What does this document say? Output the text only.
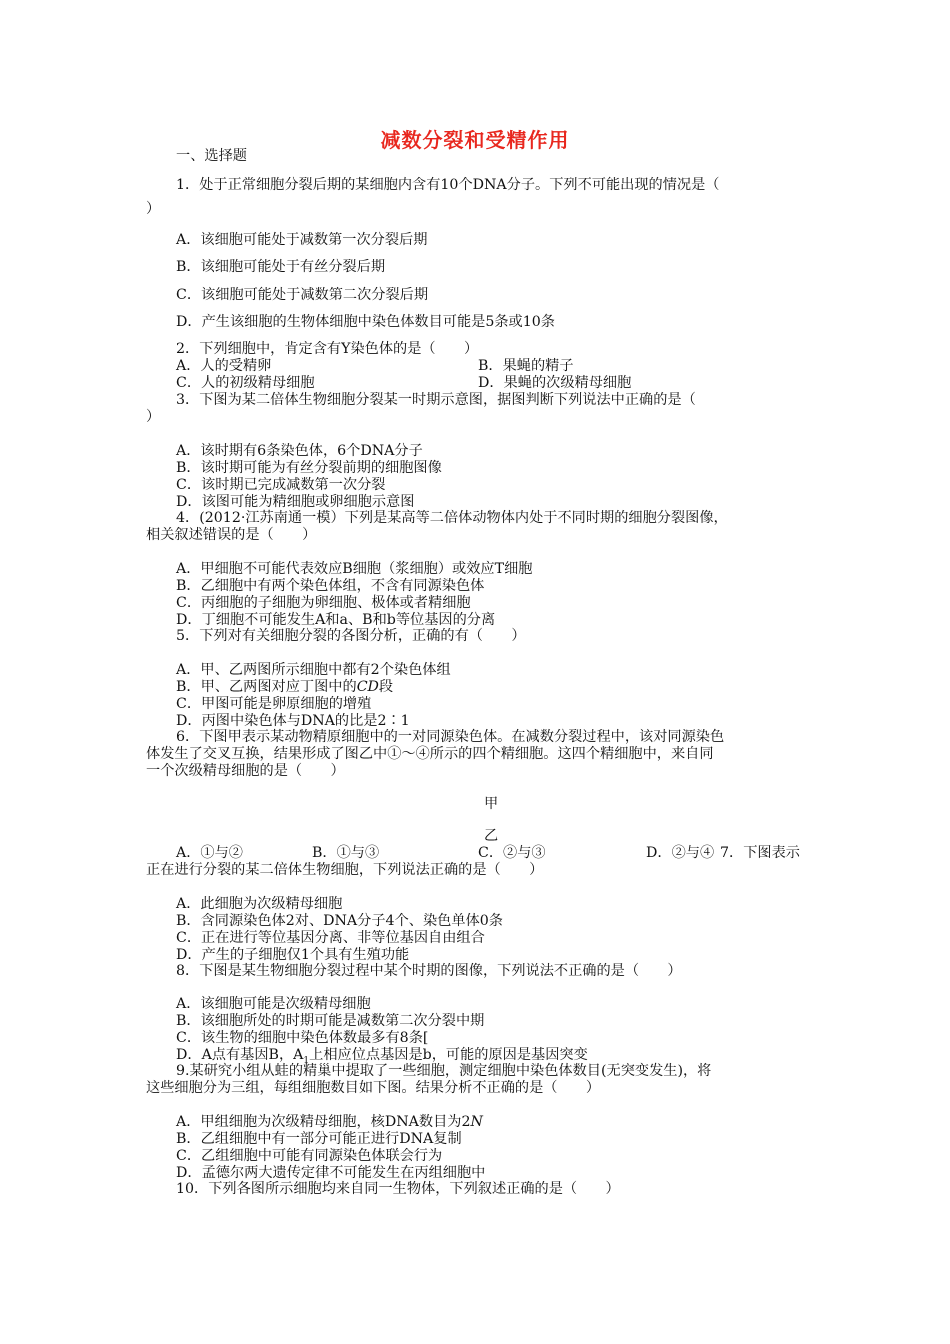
减数分裂和受精作用
一、选择题
1．处于正常细胞分裂后期的某细胞内含有10个DNA分子。下列不可能出现的情况是（
）
A．该细胞可能处于减数第一次分裂后期
B．该细胞可能处于有丝分裂后期
C．该细胞可能处于减数第二次分裂后期
D．产生该细胞的生物体细胞中染色体数目可能是5条或10条
2．下列细胞中，肯定含有Y染色体的是（　　）
A．人的受精卵	B．果蝇的精子
C．人的初级精母细胞	D．果蝇的次级精母细胞
3．下图为某二倍体生物细胞分裂某一时期示意图，据图判断下列说法中正确的是（
）
A．该时期有6条染色体，6个DNA分子
B．该时期可能为有丝分裂前期的细胞图像
C．该时期已完成减数第一次分裂
D．该图可能为精细胞或卵细胞示意图
4．(2012·江苏南通一模）下列是某高等二倍体动物体内处于不同时期的细胞分裂图像，
相关叙述错误的是（　　）
A．甲细胞不可能代表效应B细胞（浆细胞）或效应T细胞
B．乙细胞中有两个染色体组，不含有同源染色体
C．丙细胞的子细胞为卵细胞、极体或者精细胞
D．丁细胞不可能发生A和a、B和b等位基因的分离
5．下列对有关细胞分裂的各图分析，正确的有（　　）
A．甲、乙两图所示细胞中都有2个染色体组
B．甲、乙两图对应丁图中的CD段
C．甲图可能是卵原细胞的增殖
D．丙图中染色体与DNA的比是2∶1
6．下图甲表示某动物精原细胞中的一对同源染色体。在减数分裂过程中，该对同源染色
体发生了交叉互换，结果形成了图乙中①～④所示的四个精细胞。这四个精细胞中，来自同
一个次级精母细胞的是（　　）
甲
乙
A．①与②	B．①与③	C．②与③	D．②与④ 7．下图表示
正在进行分裂的某二倍体生物细胞，下列说法正确的是（　　）
A．此细胞为次级精母细胞
B．含同源染色体2对、DNA分子4个、染色单体0条
C．正在进行等位基因分离、非等位基因自由组合
D．产生的子细胞仅1个具有生殖功能
8．下图是某生物细胞分裂过程中某个时期的图像，下列说法不正确的是（　　）
A．该细胞可能是次级精母细胞
B．该细胞所处的时期可能是减数第二次分裂中期
C．该生物的细胞中染色体数最多有8条[
D．A点有基因B，$A_1$上相应位点基因是b，可能的原因是基因突变
9.某研究小组从蛙的精巢中提取了一些细胞，测定细胞中染色体数目(无突变发生)，将
这些细胞分为三组，每组细胞数目如下图。结果分析不正确的是（　　）
A．甲组细胞为次级精母细胞，核DNA数目为2N
B．乙组细胞中有一部分可能正进行DNA复制
C．乙组细胞中可能有同源染色体联会行为
D．孟德尔两大遗传定律不可能发生在丙组细胞中
10．下列各图所示细胞均来自同一生物体，下列叙述正确的是（　　）
